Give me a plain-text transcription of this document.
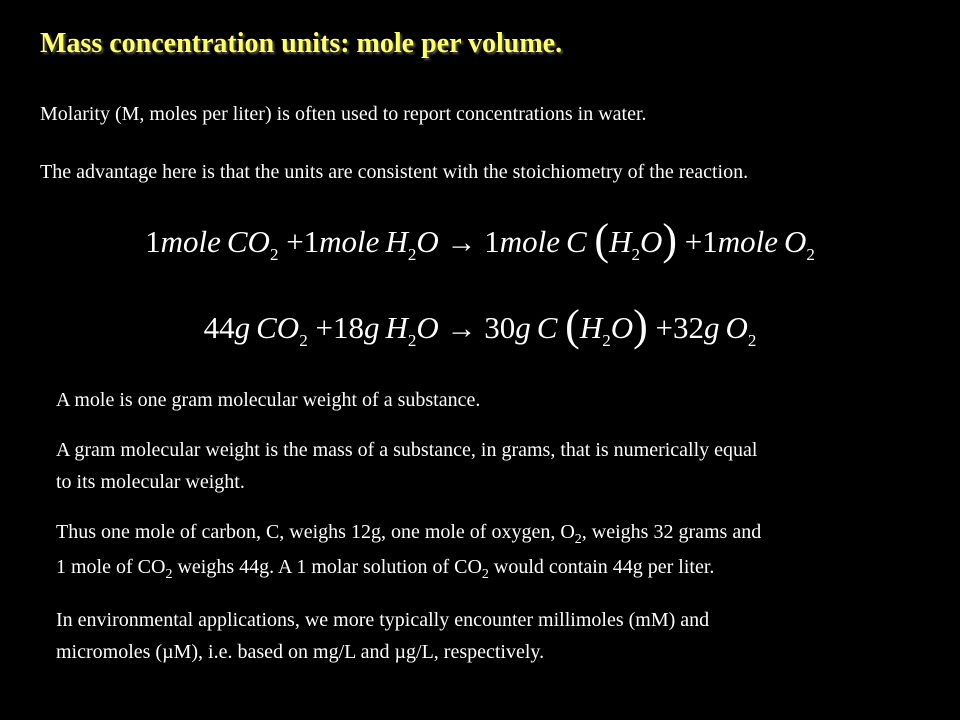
Mass concentration units: mole per volume.
Molarity (M, moles per liter) is often used to report concentrations in water.
The advantage here is that the units are consistent with the stoichiometry of the reaction.
1mole $CO_2$ +1mole $H_2O$ → 1mole C $(H_2O)$ +1mole $O_2$
44g $CO_2 +18g$ $H_2O \to 30g$ C $(H_2O) +32g$ $O_2$
A mole is one gram molecular weight of a substance.
A gram molecular weight is the mass of a substance, in grams, that is numerically equal
to its molecular weight.
Thus one mole of carbon, C, weighs 12g, one mole of oxygen, $O_2$, weighs 32 grams and
1 mole of $CO_2$ weighs 44g. A 1 molar solution of $CO_2$ would contain 44g per liter.
In environmental applications, we more typically encounter millimoles (mM) and
micromoles (µM), i.e. based on mg/L and µg/L, respectively.
